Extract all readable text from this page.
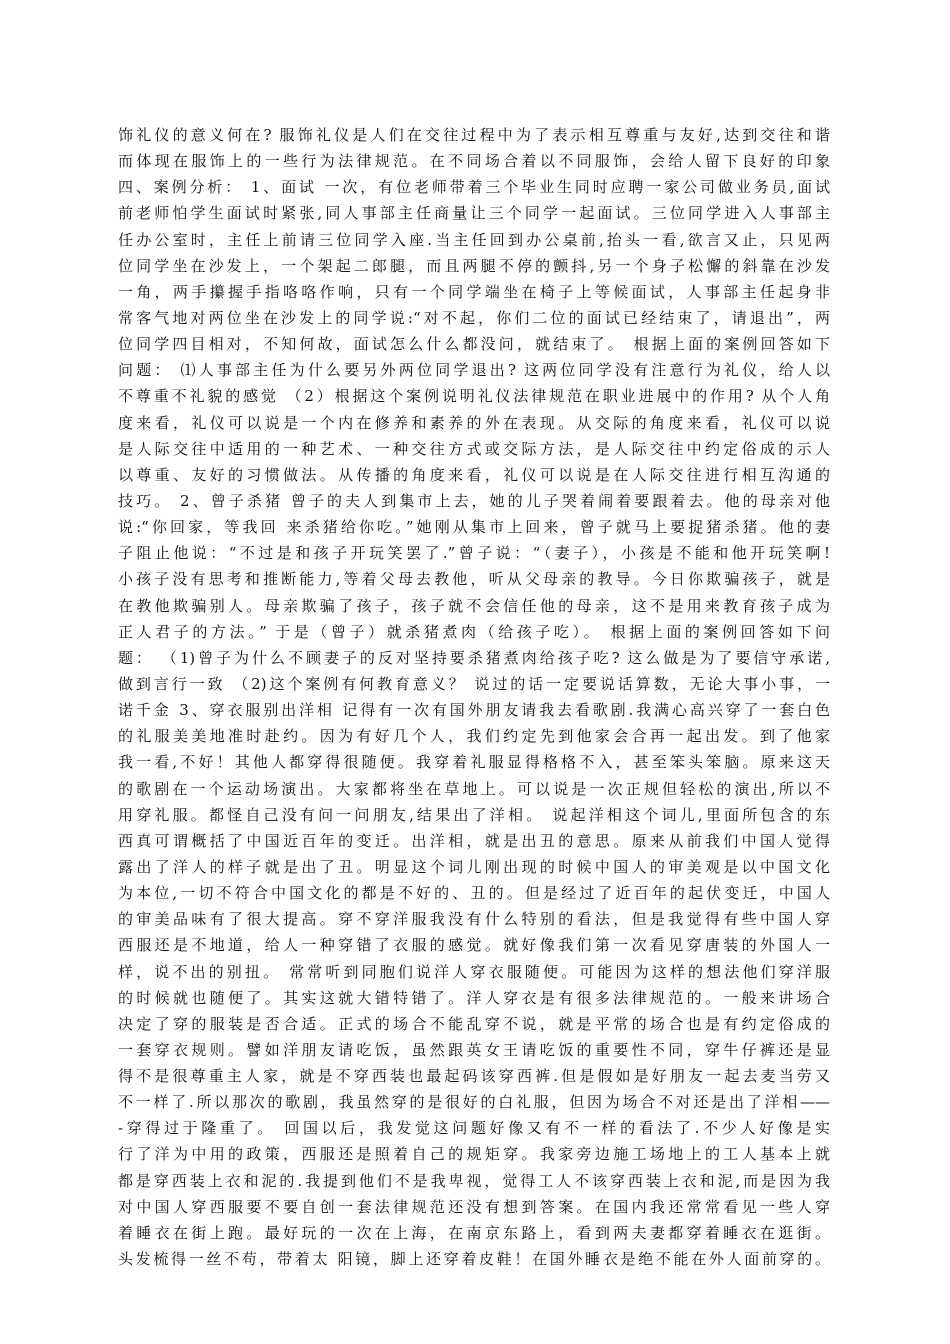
饰礼仪的意义何在? 服饰礼仪是人们在交往过程中为了表示相互尊重与友好,达到交往和谐
而体现在服饰上的一些行为法律规范。在不同场合着以不同服饰，会给人留下良好的印象
四、案例分析： 1、面试 一次，有位老师带着三个毕业生同时应聘一家公司做业务员,面试
前老师怕学生面试时紧张,同人事部主任商量让三个同学一起面试。三位同学进入人事部主
任办公室时，主任上前请三位同学入座.当主任回到办公桌前,抬头一看,欲言又止，只见两
位同学坐在沙发上，一个架起二郎腿，而且两腿不停的颤抖,另一个身子松懈的斜靠在沙发
一角，两手攥握手指咯咯作响，只有一个同学端坐在椅子上等候面试，人事部主任起身非
常客气地对两位坐在沙发上的同学说:“对不起，你们二位的面试已经结束了，请退出”，两
位同学四目相对，不知何故，面试怎么什么都没问，就结束了。 根据上面的案例回答如下
问题： ⑴人事部主任为什么要另外两位同学退出? 这两位同学没有注意行为礼仪，给人以
不尊重不礼貌的感觉 （2）根据这个案例说明礼仪法律规范在职业进展中的作用? 从个人角
度来看，礼仪可以说是一个内在修养和素养的外在表现。从交际的角度来看，礼仪可以说
是人际交往中适用的一种艺术、一种交往方式或交际方法，是人际交往中约定俗成的示人
以尊重、友好的习惯做法。从传播的角度来看，礼仪可以说是在人际交往进行相互沟通的
技巧。 2、曾子杀猪 曾子的夫人到集市上去，她的儿子哭着闹着要跟着去。他的母亲对他
说:“你回家，等我回 来杀猪给你吃。”她刚从集市上回来，曾子就马上要捉猪杀猪。他的妻
子阻止他说：“不过是和孩子开玩笑罢了.”曾子说：“（妻子），小孩是不能和他开玩笑啊!
小孩子没有思考和推断能力,等着父母去教他，听从父母亲的教导。今日你欺骗孩子，就是
在教他欺骗别人。母亲欺骗了孩子，孩子就不会信任他的母亲，这不是用来教育孩子成为
正人君子的方法。” 于是（曾子）就杀猪煮肉（给孩子吃）。 根据上面的案例回答如下问
题： （1)曾子为什么不顾妻子的反对坚持要杀猪煮肉给孩子吃? 这么做是为了要信守承诺,
做到言行一致 （2)这个案例有何教育意义？ 说过的话一定要说话算数，无论大事小事，一
诺千金 3、穿衣服别出洋相 记得有一次有国外朋友请我去看歌剧.我满心高兴穿了一套白色
的礼服美美地准时赴约。因为有好几个人，我们约定先到他家会合再一起出发。到了他家
我一看,不好！其他人都穿得很随便。我穿着礼服显得格格不入，甚至笨头笨脑。原来这天
的歌剧在一个运动场演出。大家都将坐在草地上。可以说是一次正规但轻松的演出,所以不
用穿礼服。都怪自己没有问一问朋友,结果出了洋相。 说起洋相这个词儿,里面所包含的东
西真可谓概括了中国近百年的变迁。出洋相，就是出丑的意思。原来从前我们中国人觉得
露出了洋人的样子就是出了丑。明显这个词儿刚出现的时候中国人的审美观是以中国文化
为本位,一切不符合中国文化的都是不好的、丑的。但是经过了近百年的起伏变迁，中国人
的审美品味有了很大提高。穿不穿洋服我没有什么特别的看法，但是我觉得有些中国人穿
西服还是不地道，给人一种穿错了衣服的感觉。就好像我们第一次看见穿唐装的外国人一
样，说不出的别扭。 常常听到同胞们说洋人穿衣服随便。可能因为这样的想法他们穿洋服
的时候就也随便了。其实这就大错特错了。洋人穿衣是有很多法律规范的。一般来讲场合
决定了穿的服装是否合适。正式的场合不能乱穿不说，就是平常的场合也是有约定俗成的
一套穿衣规则。譬如洋朋友请吃饭，虽然跟英女王请吃饭的重要性不同，穿牛仔裤还是显
得不是很尊重主人家，就是不穿西装也最起码该穿西裤.但是假如是好朋友一起去麦当劳又
不一样了.所以那次的歌剧，我虽然穿的是很好的白礼服，但因为场合不对还是出了洋相——
-穿得过于隆重了。 回国以后，我发觉这问题好像又有不一样的看法了.不少人好像是实
行了洋为中用的政策，西服还是照着自己的规矩穿。我家旁边施工场地上的工人基本上就
都是穿西装上衣和泥的.我提到他们不是我卑视，觉得工人不该穿西装上衣和泥,而是因为我
对中国人穿西服要不要自创一套法律规范还没有想到答案。在国内我还常常看见一些人穿
着睡衣在街上跑。最好玩的一次在上海，在南京东路上，看到两夫妻都穿着睡衣在逛街。
头发梳得一丝不苟，带着太 阳镜，脚上还穿着皮鞋！在国外睡衣是绝不能在外人面前穿的。
